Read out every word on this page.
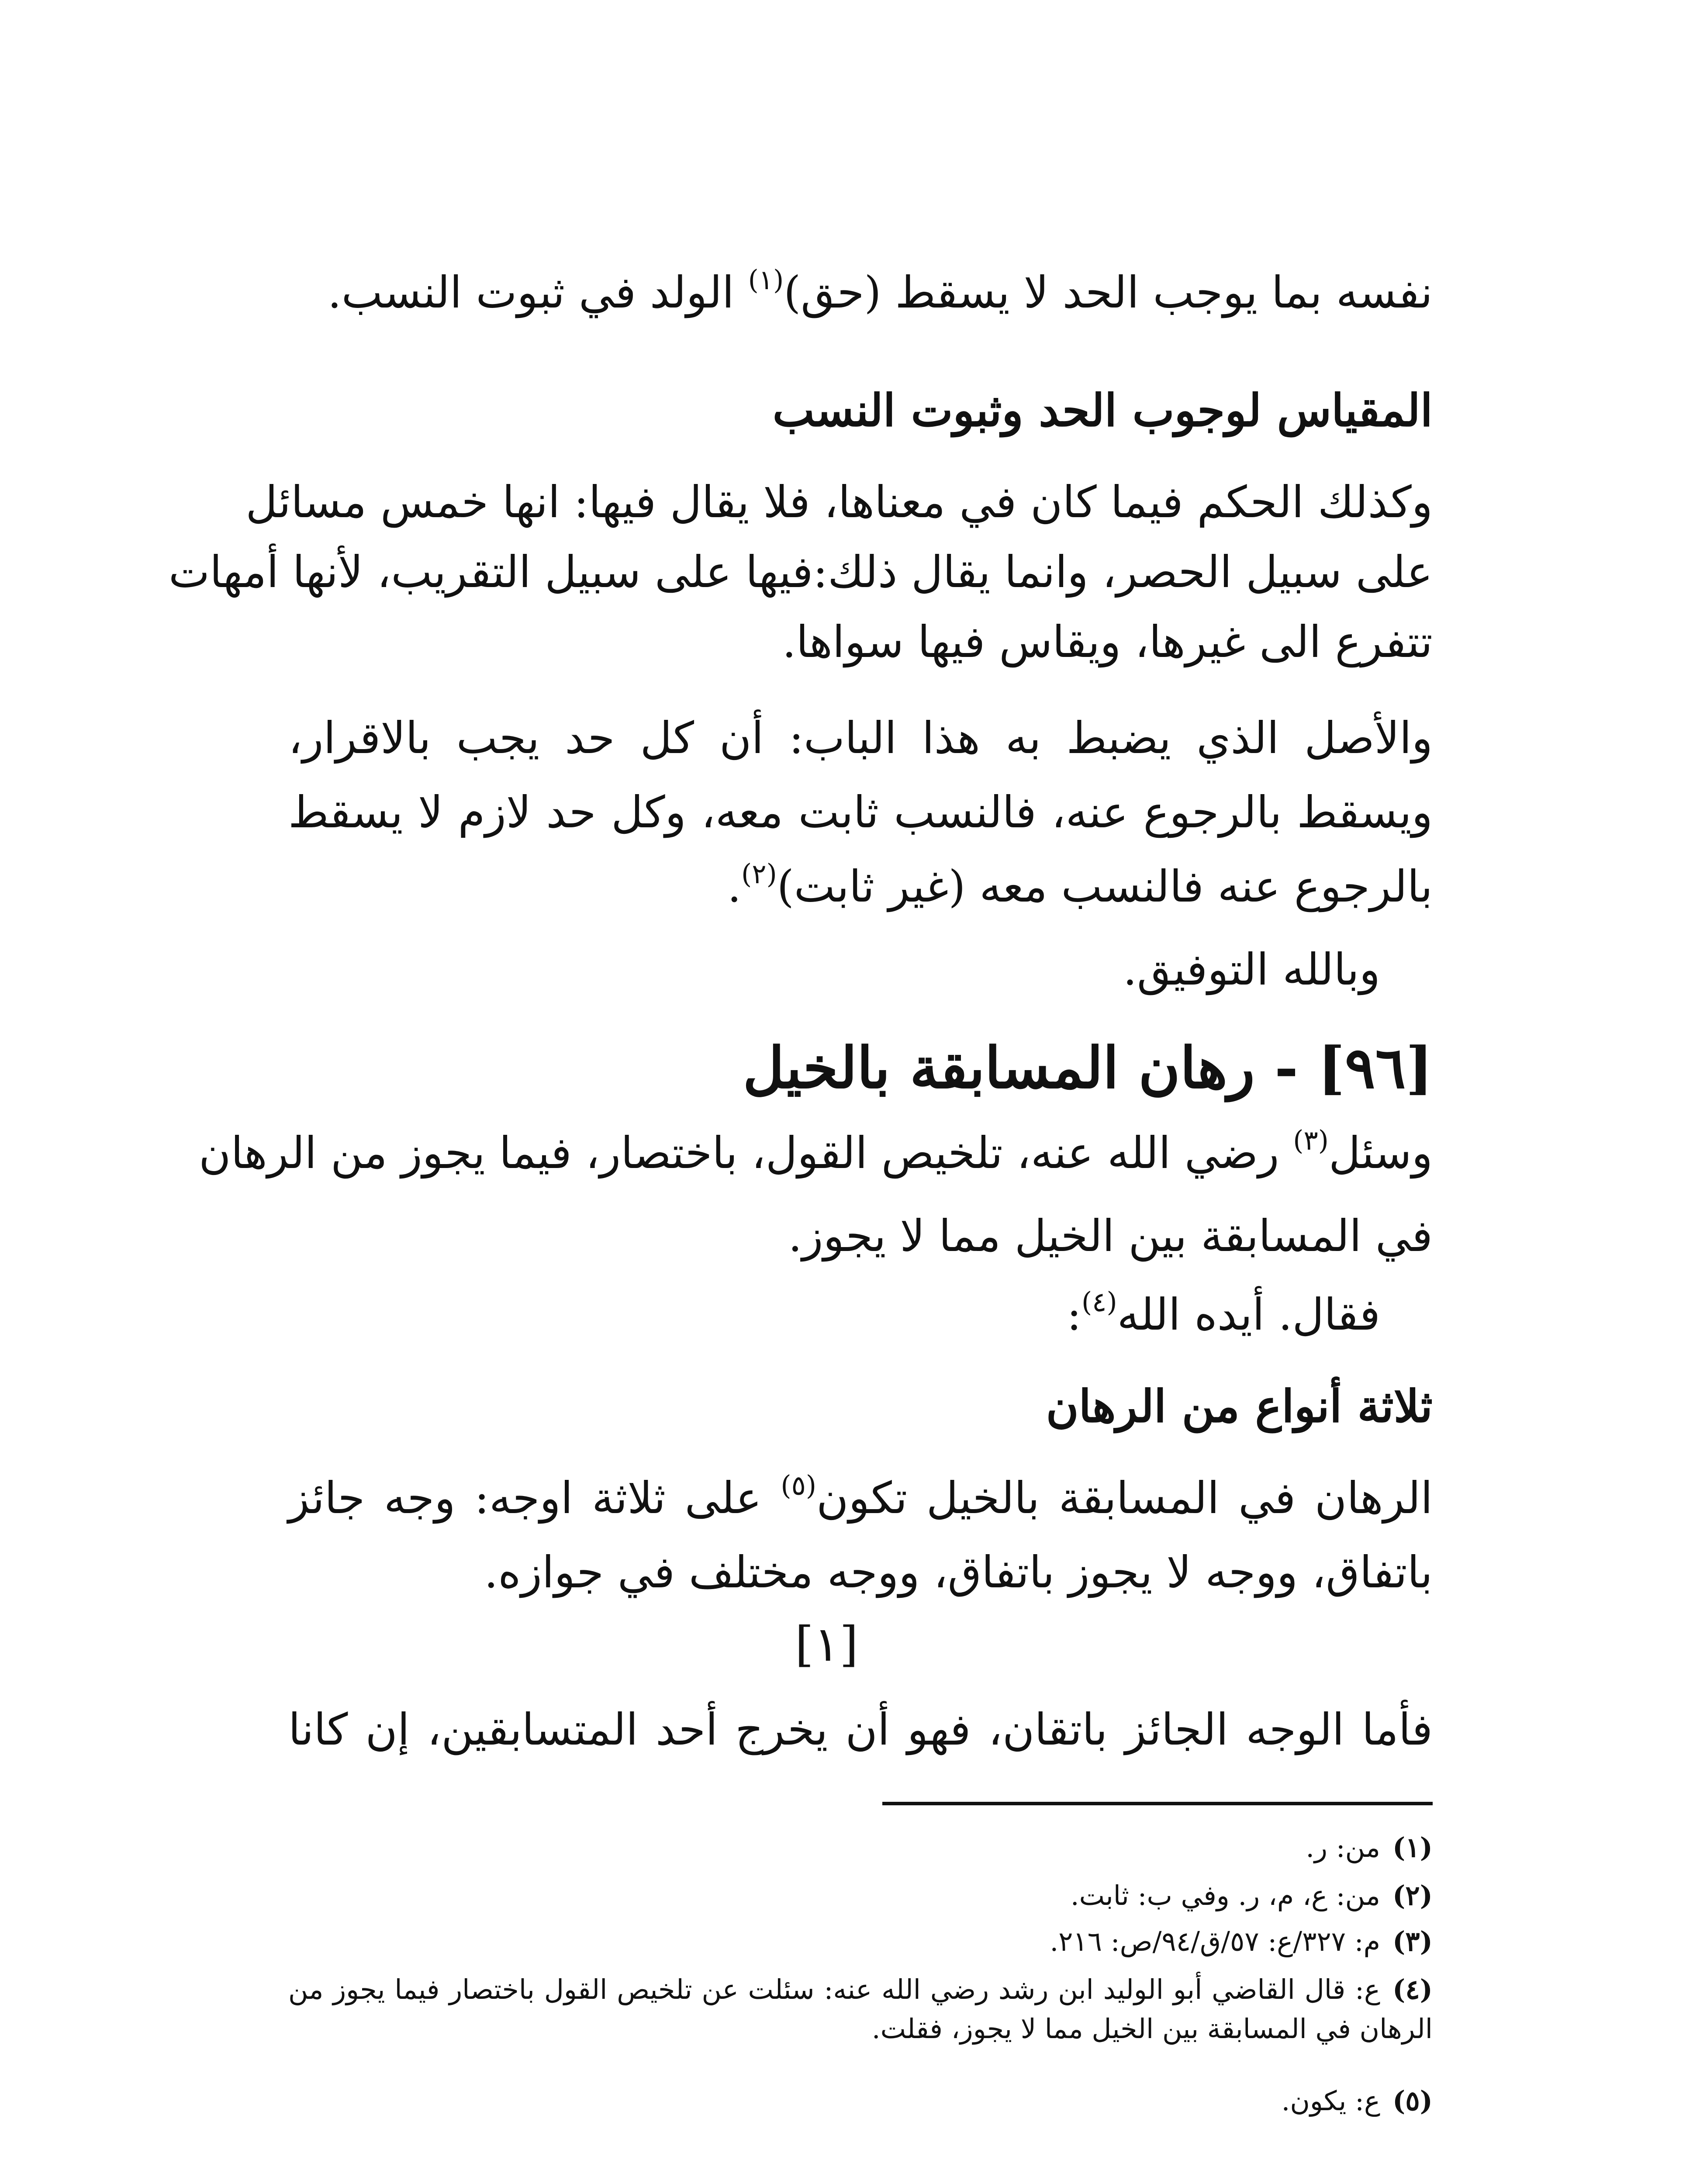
نفسه بما يوجب الحد لا يسقط (حق)$^{(١)}$ الولد في ثبوت النسب.
المقياس لوجوب الحد وثبوت النسب
وكذلك الحكم فيما كان في معناها، فلا يقال فيها: انها خمس مسائل
على سبيل الحصر، وانما يقال ذلك:فيها على سبيل التقريب، لأنها أمهات
تتفرع الى غيرها، ويقاس فيها سواها.
والأصل الذي يضبط به هذا الباب: أن كل حد يجب بالاقرار،
ويسقط بالرجوع عنه، فالنسب ثابت معه، وكل حد لازم لا يسقط
بالرجوع عنه فالنسب معه (غير ثابت)$^{(٢)}$.
وبالله التوفيق.
[٩٦] - رهان المسابقة بالخيل
وسئل$^{(٣)}$ رضي الله عنه، تلخيص القول، باختصار، فيما يجوز من الرهان
في المسابقة بين الخيل مما لا يجوز.
فقال. أيده الله$^{(٤)}$:
ثلاثة أنواع من الرهان
الرهان في المسابقة بالخيل تكون$^{(٥)}$ على ثلاثة اوجه: وجه جائز
باتفاق، ووجه لا يجوز باتفاق، ووجه مختلف في جوازه.
[١]
فأما الوجه الجائز باتقان، فهو أن يخرج أحد المتسابقين، إن كانا
(١)من: ر.
(٢)من: ع، م، ر. وفي ب: ثابت.
(٣)م: ٣٢٧/ع: ٥٧/ق/٩٤/ص: ٢١٦.
(٤)ع: قال القاضي أبو الوليد ابن رشد رضي الله عنه: سئلت عن تلخيص القول باختصار فيما يجوز من الرهان في المسابقة بين الخيل مما لا يجوز، فقلت.
(٥)ع: يكون.
